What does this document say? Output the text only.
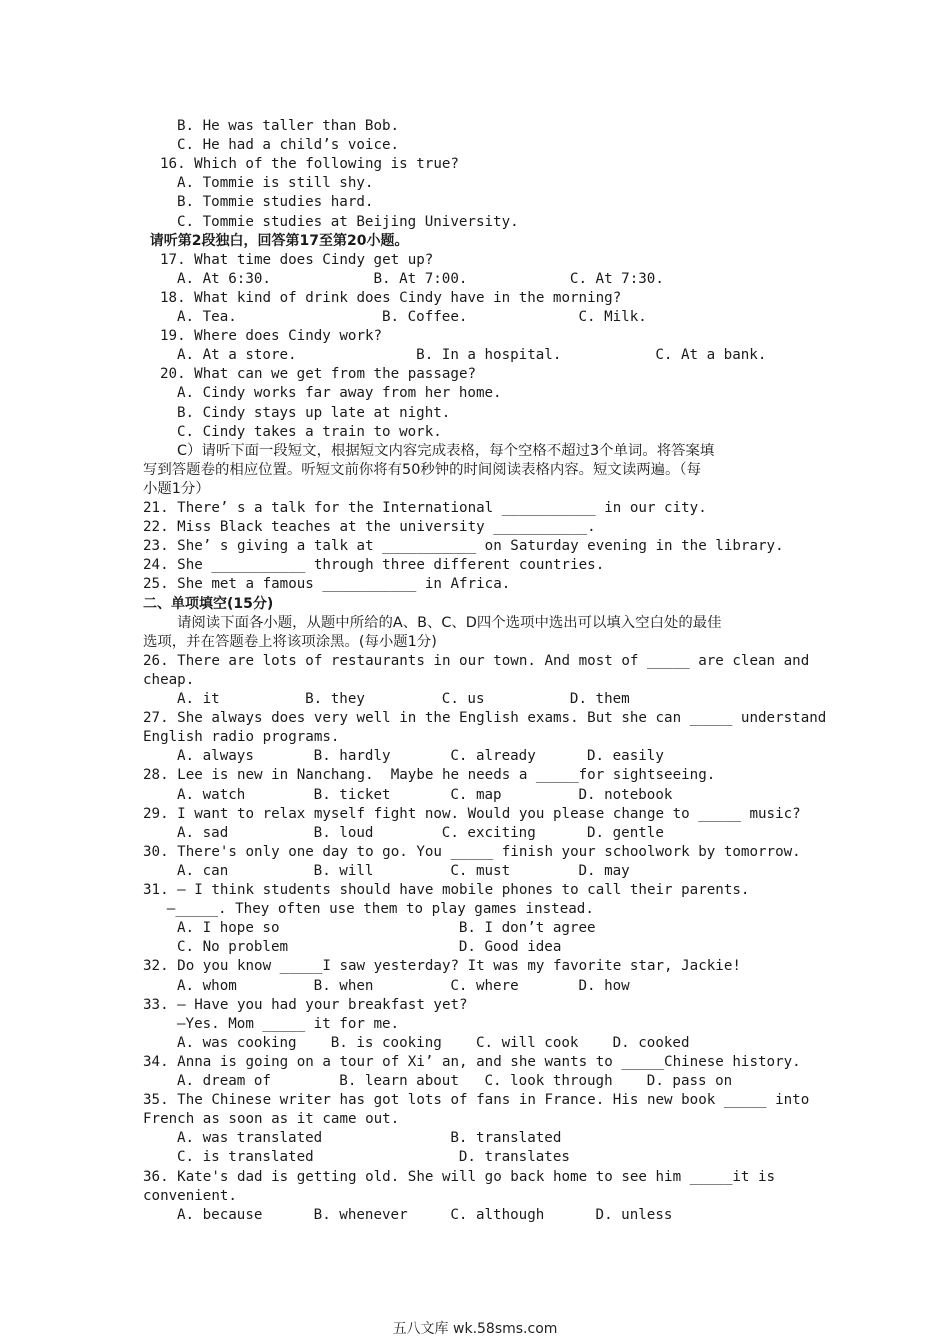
B. He was taller than Bob.
C. He had a child’s voice.
16. Which of the following is true?
A. Tommie is still shy.
B. Tommie studies hard.
C. Tommie studies at Beijing University.
请听第2段独白，回答第17至第20小题。
17. What time does Cindy get up?
A. At 6:30.            B. At 7:00.            C. At 7:30.
18. What kind of drink does Cindy have in the morning?
A. Tea.                 B. Coffee.             C. Milk.
19. Where does Cindy work?
A. At a store.              B. In a hospital.           C. At a bank.
20. What can we get from the passage?
A. Cindy works far away from her home.
B. Cindy stays up late at night.
C. Cindy takes a train to work.
C）请听下面一段短文，根据短文内容完成表格，每个空格不超过3个单词。将答案填
写到答题卷的相应位置。听短文前你将有50秒钟的时间阅读表格内容。短文读两遍。（每
小题1分）
21. There’ s a talk for the International ___________ in our city.
22. Miss Black teaches at the university ___________.
23. She’ s giving a talk at ___________ on Saturday evening in the library.
24. She ___________ through three different countries.
25. She met a famous ___________ in Africa.
二、单项填空(15分)
请阅读下面各小题，从题中所给的A、B、C、D四个选项中选出可以填入空白处的最佳
选项，并在答题卷上将该项涂黑。(每小题1分)
26. There are lots of restaurants in our town. And most of _____ are clean and
cheap.
A. it          B. they         C. us          D. them
27. She always does very well in the English exams. But she can _____ understand
English radio programs.
A. always       B. hardly       C. already      D. easily
28. Lee is new in Nanchang.  Maybe he needs a _____for sightseeing.
A. watch        B. ticket       C. map         D. notebook
29. I want to relax myself fight now. Would you please change to _____ music?
A. sad          B. loud        C. exciting      D. gentle
30. There's only one day to go. You _____ finish your schoolwork by tomorrow.
A. can          B. will         C. must        D. may
31. — I think students should have mobile phones to call their parents.
—_____. They often use them to play games instead.
A. I hope so                     B. I don’t agree
C. No problem                    D. Good idea
32. Do you know _____I saw yesterday? It was my favorite star, Jackie!
A. whom         B. when         C. where       D. how
33. — Have you had your breakfast yet?
—Yes. Mom _____ it for me.
A. was cooking    B. is cooking    C. will cook    D. cooked
34. Anna is going on a tour of Xi’ an, and she wants to _____Chinese history.
A. dream of        B. learn about   C. look through    D. pass on
35. The Chinese writer has got lots of fans in France. His new book _____ into
French as soon as it came out.
A. was translated               B. translated
C. is translated                 D. translates
36. Kate's dad is getting old. She will go back home to see him _____it is
convenient.
A. because      B. whenever     C. although      D. unless
五八文库 wk.58sms.com
